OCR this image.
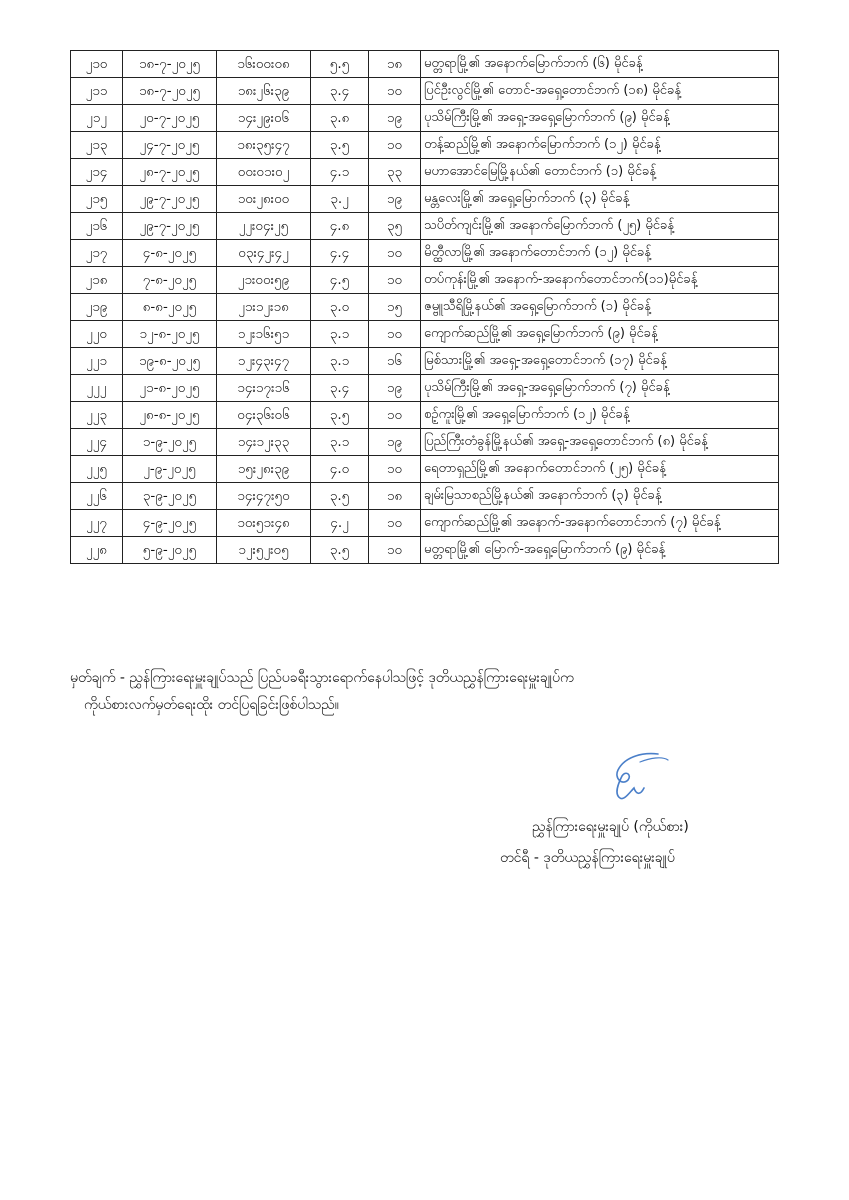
၂၁၀	၁၈-၇-၂၀၂၅	၁၆း၀၀း၀၈	၅.၅	၁၈	မတ္တရာမြို့၏ အနောက်မြောက်ဘက် (၆) မိုင်ခန့်
၂၁၁	၁၈-၇-၂၀၂၅	၁၈း၂၆း၃၉	၃.၄	၁၀	ပြင်ဦးလွင်မြို့၏ တောင်-အရှေ့တောင်ဘက် (၁၈) မိုင်ခန့်
၂၁၂	၂၀-၇-၂၀၂၅	၁၄း၂၉း၀၆	၃.၈	၁၉	ပုသိမ်ကြီးမြို့၏ အရှေ့-အရှေ့မြောက်ဘက် (၉) မိုင်ခန့်
၂၁၃	၂၄-၇-၂၀၂၅	၁၈း၃၅း၄၇	၃.၅	၁၀	တန့်ဆည်မြို့၏ အနောက်မြောက်ဘက် (၁၂) မိုင်ခန့်
၂၁၄	၂၈-၇-၂၀၂၅	၀၀း၀၁း၀၂	၄.၁	၃၃	မဟာအောင်မြေမြို့နယ်၏ တောင်ဘက် (၁) မိုင်ခန့်
၂၁၅	၂၉-၇-၂၀၂၅	၁၀း၂၈း၀၀	၃.၂	၁၉	မန္တလေးမြို့၏ အရှေ့မြောက်ဘက် (၃) မိုင်ခန့်
၂၁၆	၂၉-၇-၂၀၂၅	၂၂း၀၄း၂၅	၄.၈	၃၅	သပိတ်ကျင်းမြို့၏ အနောက်မြောက်ဘက် (၂၅) မိုင်ခန့်
၂၁၇	၄-၈-၂၀၂၅	၀၃း၄၂း၄၂	၄.၄	၁၀	မိတ္ထီလာမြို့၏ အနောက်တောင်ဘက် (၁၂) မိုင်ခန့်
၂၁၈	၇-၈-၂၀၂၅	၂၁း၀၀း၅၉	၄.၅	၁၀	တပ်ကုန်းမြို့၏ အနောက်-အနောက်တောင်ဘက်(၁၁)မိုင်ခန့်
၂၁၉	၈-၈-၂၀၂၅	၂၁း၁၂း၁၈	၃.၀	၁၅	ဇမ္ဗူသီရိမြို့နယ်၏ အရှေ့မြောက်ဘက် (၁) မိုင်ခန့်
၂၂၀	၁၂-၈-၂၀၂၅	၁၂း၁၆း၅၁	၃.၁	၁၀	ကျောက်ဆည်မြို့၏ အရှေ့မြောက်ဘက် (၉) မိုင်ခန့်
၂၂၁	၁၉-၈-၂၀၂၅	၁၂း၄၃း၄၇	၃.၁	၁၆	မြစ်သားမြို့၏ အရှေ့-အရှေ့တောင်ဘက် (၁၇) မိုင်ခန့်
၂၂၂	၂၁-၈-၂၀၂၅	၁၄း၁၇း၁၆	၃.၄	၁၉	ပုသိမ်ကြီးမြို့၏ အရှေ့-အရှေ့မြောက်ဘက် (၇) မိုင်ခန့်
၂၂၃	၂၈-၈-၂၀၂၅	၀၄း၃၆း၀၆	၃.၅	၁၀	စဉ့်ကူးမြို့၏ အရှေ့မြောက်ဘက် (၁၂) မိုင်ခန့်
၂၂၄	၁-၉-၂၀၂၅	၁၄း၁၂း၃၃	၃.၁	၁၉	ပြည်ကြီးတံခွန်မြို့နယ်၏ အရှေ့-အရှေ့တောင်ဘက် (၈) မိုင်ခန့်
၂၂၅	၂-၉-၂၀၂၅	၁၅း၂၈း၃၉	၄.၀	၁၀	ရေတာရှည်မြို့၏ အနောက်တောင်ဘက် (၂၅) မိုင်ခန့်
၂၂၆	၃-၉-၂၀၂၅	၁၄း၄၇း၅၀	၃.၅	၁၈	ချမ်းမြသာစည်မြို့နယ်၏ အနောက်ဘက် (၃) မိုင်ခန့်
၂၂၇	၄-၉-၂၀၂၅	၁၀း၅၁း၄၈	၄.၂	၁၀	ကျောက်ဆည်မြို့၏ အနောက်-အနောက်တောင်ဘက် (၇) မိုင်ခန့်
၂၂၈	၅-၉-၂၀၂၅	၁၂း၅၂း၀၅	၃.၅	၁၀	မတ္တရာမြို့၏ မြောက်-အရှေ့မြောက်ဘက် (၉) မိုင်ခန့်
မှတ်ချက် - ညွှန်ကြားရေးမှူးချုပ်သည် ပြည်ပခရီးသွားရောက်နေပါသဖြင့် ဒုတိယညွှန်ကြားရေးမှူးချုပ်က
ကိုယ်စားလက်မှတ်ရေးထိုး တင်ပြရခြင်းဖြစ်ပါသည်။
ညွှန်ကြားရေးမှူးချုပ် (ကိုယ်စား)
တင်ရီ - ဒုတိယညွှန်ကြားရေးမှူးချုပ်
